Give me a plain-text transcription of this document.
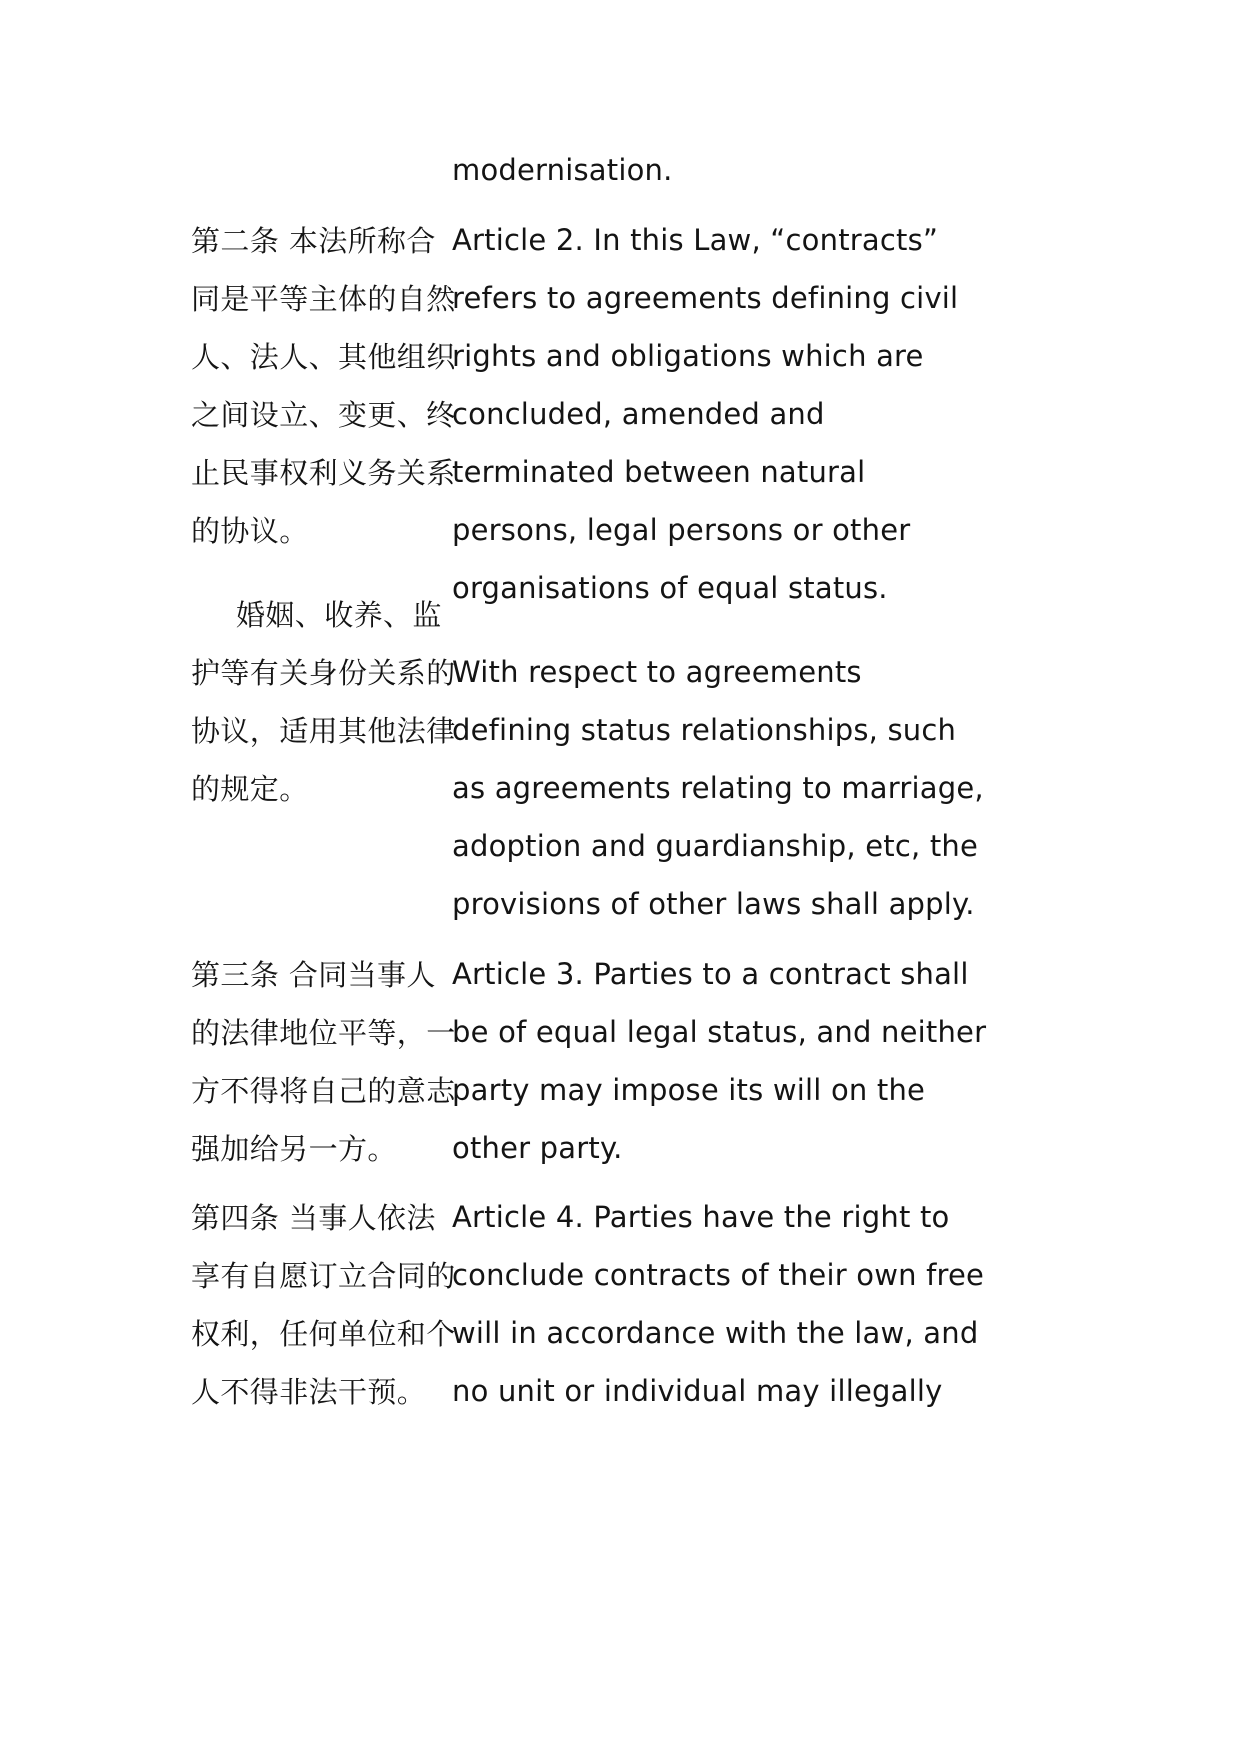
modernisation.
第二条 本法所称合
同是平等主体的自然
人、法人、其他组织
之间设立、变更、终
止民事权利义务关系
的协议。
婚姻、收养、监
护等有关身份关系的
协议，适用其他法律
的规定。
Article 2. In this Law, “contracts”
refers to agreements defining civil
rights and obligations which are
concluded, amended and
terminated between natural
persons, legal persons or other
organisations of equal status.
With respect to agreements
defining status relationships, such
as agreements relating to marriage,
adoption and guardianship, etc, the
provisions of other laws shall apply.
第三条 合同当事人
的法律地位平等，一
方不得将自己的意志
强加给另一方。
Article 3. Parties to a contract shall
be of equal legal status, and neither
party may impose its will on the
other party.
第四条 当事人依法
享有自愿订立合同的
权利，任何单位和个
人不得非法干预。
Article 4. Parties have the right to
conclude contracts of their own free
will in accordance with the law, and
no unit or individual may illegally
